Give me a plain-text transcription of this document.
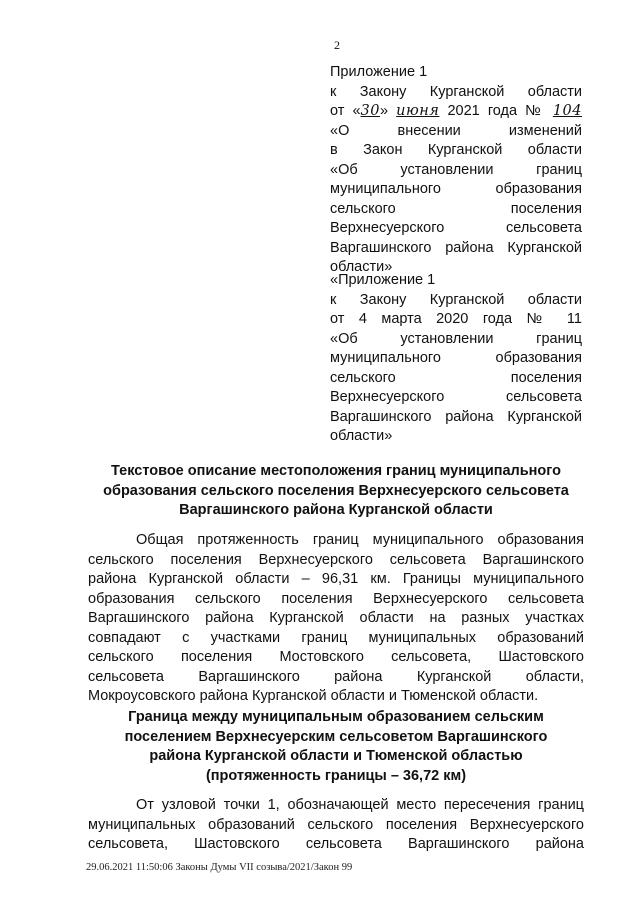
2
Приложение 1
к Закону Курганской области
от «30» июня 2021 года № 104
«О внесении изменений
в Закон Курганской области
«Об установлении границ
муниципального образования
сельского поселения
Верхнесуерского сельсовета
Варгашинского района Курганской
области»
«Приложение 1
к Закону Курганской области
от 4 марта 2020 года № 11
«Об установлении границ
муниципального образования
сельского поселения
Верхнесуерского сельсовета
Варгашинского района Курганской
области»
Текстовое описание местоположения границ муниципального
образования сельского поселения Верхнесуерского сельсовета
Варгашинского района Курганской области
Общая протяженность границ муниципального образования
сельского поселения Верхнесуерского сельсовета Варгашинского
района Курганской области – 96,31 км. Границы муниципального
образования сельского поселения Верхнесуерского сельсовета
Варгашинского района Курганской области на разных участках
совпадают с участками границ муниципальных образований
сельского поселения Мостовского сельсовета, Шастовского
сельсовета Варгашинского района Курганской области,
Мокроусовского района Курганской области и Тюменской области.
Граница между муниципальным образованием сельским
поселением Верхнесуерским сельсоветом Варгашинского
района Курганской области и Тюменской областью
(протяженность границы – 36,72 км)
От узловой точки 1, обозначающей место пересечения границ
муниципальных образований сельского поселения Верхнесуерского
сельсовета, Шастовского сельсовета Варгашинского района
29.06.2021 11:50:06 Законы Думы VII созыва/2021/Закон 99
